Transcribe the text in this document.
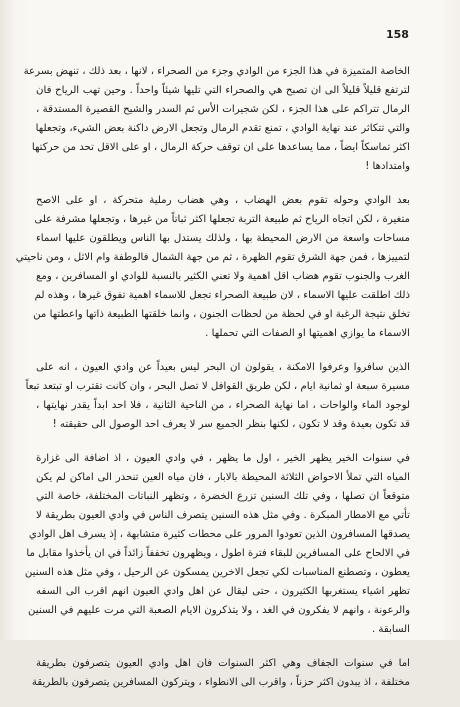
158
الخاصة المتميزة في هذا الجزء من الوادي وجزء من الصحراء ، لانها ، بعد ذلك ، تنهض بسرعة
لترتفع قليلاً قليلاً الى ان تصبح هي والصحراء التي تليها شيئاً واحداً . وحين تهب الرياح فان
الرمال تتراكم على هذا الجزء ، لكن شجيرات الأس ثم السدر والشيح القصيرة المستدقة ،
والتي تتكاثر عند نهاية الوادي ، تمنع تقدم الرمال وتجعل الارض داكنة بعض الشيء، وتجعلها
اكثر تماسكاً ايضاً ، مما يساعدها على ان توقف حركة الرمال ، او على الاقل تحد من حركتها
وامتدادها !
بعد الوادي وحوله تقوم بعض الهضاب ، وهي هضاب رملية متحركة ، او على الاصح
متغيرة ، لكن اتجاه الرياح ثم طبيعة التربة تجعلها اكثر ثباتاً من غيرها ، وتجعلها مشرفة على
مساحات واسعة من الارض المحيطة بها ، ولذلك يستدل بها الناس ويطلقون عليها اسماء
لتمييزها ، فمن جهة الشرق تقوم الظهرة ، ثم من جهة الشمال فالوطفة وام الاثل ، ومن ناحيتي
الغرب والجنوب تقوم هضاب اقل اهمية ولا تعني الكثير بالنسبة للوادي او المسافرين ، ومع
ذلك اطلقت عليها الاسماء ، لان طبيعة الصحراء تجعل للاسماء اهمية تفوق غيرها ، وهذه لم
تخلق نتيجة الرغبة او في لحظة من لحظات الجنون ، وانما خلقتها الطبيعة ذاتها واعطتها من
الاسماء ما يوازي اهميتها او الصفات التي تحملها .
الذين سافروا وعرفوا الامكنة ، يقولون ان البحر ليس بعيداً عن وادي العيون ، انه على
مسيرة سبعة او ثمانية ايام ، لكن طريق القوافل لا تصل البحر ، وان كانت تقترب او تبتعد تبعاً
لوجود الماء والواحات ، اما نهاية الصحراء ، من الناحية الثانية ، فلا احد ابداً يقدر نهايتها ،
قد تكون بعيدة وقد لا تكون ، لكنها بنظر الجميع سر لا يعرف احد الوصول الى حقيقته !
في سنوات الخير يظهر الخير ، اول ما يظهر ، في وادي العيون ، اذ اضافة الى غزارة
المياه التي تملأ الاحواض الثلاثة المحيطة بالابار ، فان مياه العين تنحدر الى اماكن لم يكن
متوقعاً ان تصلها ، وفي تلك السنين تزرع الخضرة ، وتظهر النباتات المختلفة، خاصة التي
تأتي مع الامطار المبكرة . وفي مثل هذه السنين يتصرف الناس في وادي العيون بطريقة لا
يصدقها المسافرون الذين تعودوا المرور على محطات كثيرة متشابهة ، إذ يسرف اهل الوادي
في الالحاح على المسافرين للبقاء فترة اطول ، ويظهرون تخففاً زائداً في ان يأخذوا مقابل ما
يعطون ، وتصطنع المناسبات لكي تجعل الاخرين يمسكون عن الرحيل ، وفي مثل هذه السنين
تظهر اشياء يستغربها الكثيرون ، حتى ليقال عن اهل وادي العيون انهم اقرب الى السفه
والرعونة ، وانهم لا يفكرون في الغد ، ولا يتذكرون الايام الصعبة التي مرت عليهم في السنين
السابقة .
اما في سنوات الجفاف وهي اكثر السنوات فان اهل وادي العيون يتصرفون بطريقة
مختلفة ، اذ يبدون اكثر حزناً ، واقرب الى الانطواء ، ويتركون المسافرين يتصرفون بالطريقة
